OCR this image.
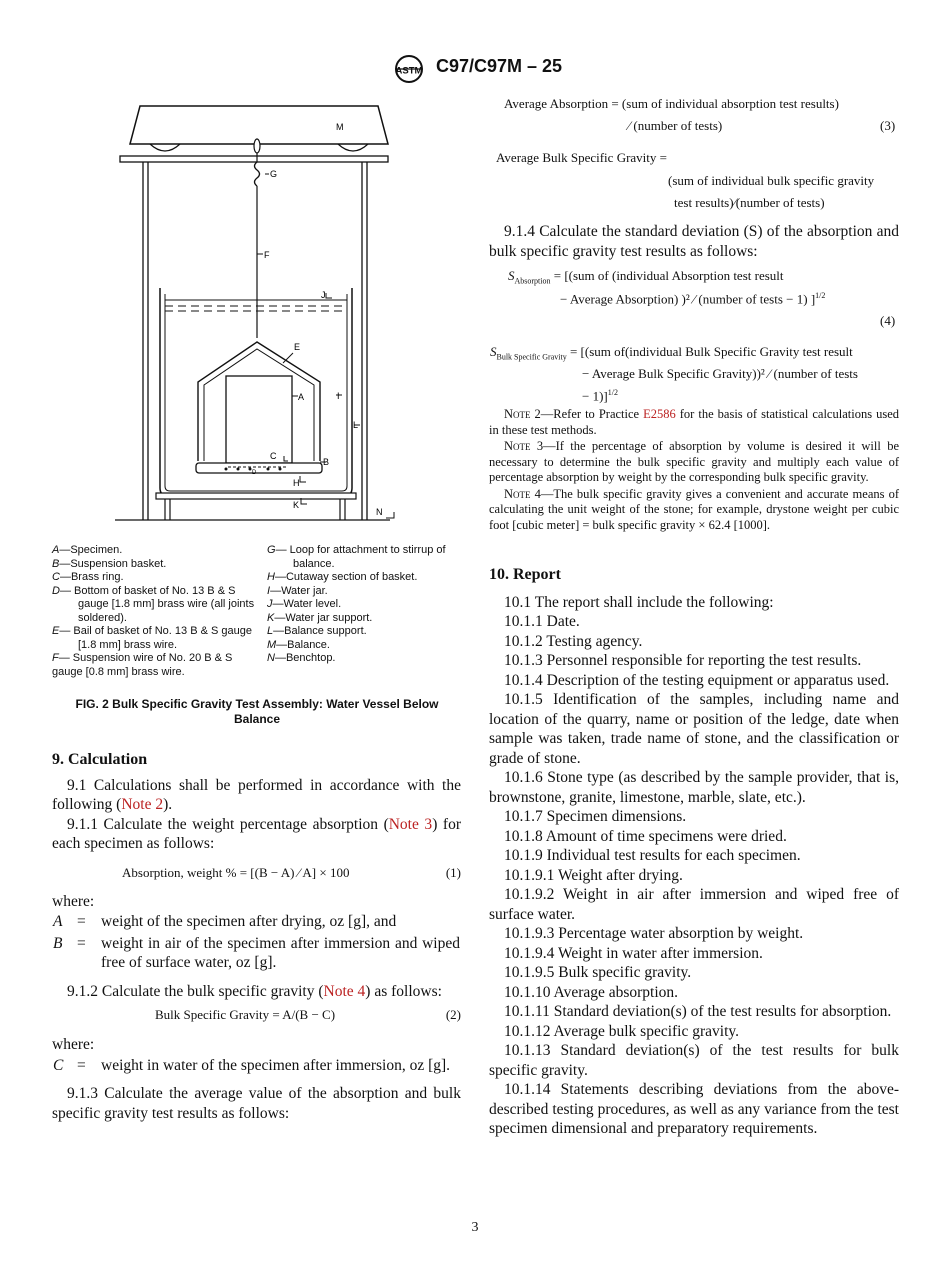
ASTM C97/C97M – 25
M
G
F
J
E
A	I
L
C
B
D
H
K
N

A—Specimen.

B—Suspension basket.

C—Brass ring.

D— Bottom of basket of No. 13 B & S gauge [1.8 mm] brass wire (all joints soldered).

E— Bail of basket of No. 13 B & S gauge [1.8 mm] brass wire.

F— Suspension wire of No. 20 B & S gauge [0.8 mm] brass wire.

G— Loop for attachment to stirrup of balance.

H—Cutaway section of basket.

I—Water jar.

J—Water level.

K—Water jar support.

L—Balance support.

M—Balance.

N—Benchtop.

FIG. 2 Bulk Specific Gravity Test Assembly: Water Vessel Below Balance

9. Calculation

9.1 Calculations shall be performed in accordance with the following (Note 2).

9.1.1 Calculate the weight percentage absorption (Note 3) for each specimen as follows:

Absorption, weight % = [(B − A) ⁄ A] × 100	(1)

where:

A	=	weight of the specimen after drying, oz [g], and
B	=	weight in air of the specimen after immersion and wiped free of surface water, oz [g].

9.1.2 Calculate the bulk specific gravity (Note 4) as follows:

Bulk Specific Gravity = A/(B − C)	(2)

where:

C	=	weight in water of the specimen after immersion, oz [g].

9.1.3 Calculate the average value of the absorption and bulk specific gravity test results as follows:

Average Absorption = (sum of individual absorption test results)
⁄ (number of tests)	(3)
Average Bulk Specific Gravity =
(sum of individual bulk specific gravity
test results)⁄(number of tests)

9.1.4 Calculate the standard deviation (S) of the absorption and bulk specific gravity test results as follows:

$S_{Absorption} = [(sum$ of (individual Absorption test result
− Average Absorption) )² ⁄ (number of tests − 1) ]$^{1/2}$
(4)
$S_{Bulk Specific Gravity} = [(sum$ of(individual Bulk Specific Gravity test result
− Average Bulk Specific Gravity))² ⁄ (number of tests
− 1)]$^{1/2}$

Note 2—Refer to Practice E2586 for the basis of statistical calculations used in these test methods.

Note 3—If the percentage of absorption by volume is desired it will be necessary to determine the bulk specific gravity and multiply each value of percentage absorption by weight by the corresponding bulk specific gravity.

Note 4—The bulk specific gravity gives a convenient and accurate means of calculating the unit weight of the stone; for example, drystone weight per cubic foot [cubic meter] = bulk specific gravity × 62.4 [1000].

10. Report

10.1 The report shall include the following:

10.1.1 Date.

10.1.2 Testing agency.

10.1.3 Personnel responsible for reporting the test results.

10.1.4 Description of the testing equipment or apparatus used.

10.1.5 Identification of the samples, including name and location of the quarry, name or position of the ledge, date when sample was taken, trade name of stone, and the classification or grade of stone.

10.1.6 Stone type (as described by the sample provider, that is, brownstone, granite, limestone, marble, slate, etc.).

10.1.7 Specimen dimensions.

10.1.8 Amount of time specimens were dried.

10.1.9 Individual test results for each specimen.

10.1.9.1 Weight after drying.

10.1.9.2 Weight in air after immersion and wiped free of surface water.

10.1.9.3 Percentage water absorption by weight.

10.1.9.4 Weight in water after immersion.

10.1.9.5 Bulk specific gravity.

10.1.10 Average absorption.

10.1.11 Standard deviation(s) of the test results for absorption.

10.1.12 Average bulk specific gravity.

10.1.13 Standard deviation(s) of the test results for bulk specific gravity.

10.1.14 Statements describing deviations from the above-described testing procedures, as well as any variance from the test specimen dimensional and preparatory requirements.

3
